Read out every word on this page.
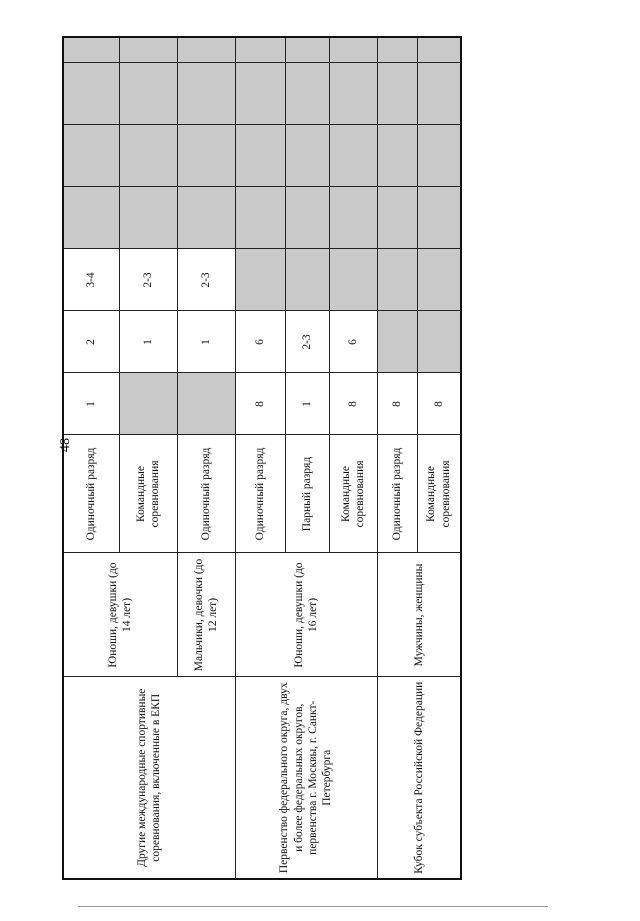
48
Другие международные спортивные соревнования, включенные в ЕКП	Юноши, девушки (до 14 лет)	Одиночный разряд	1	2	3-4				
		Командные соревнования		1	2-3				
	Мальчики, девочки (до 12 лет)	Одиночный разряд		1	2-3				
Первенство федерального округа, двух и более федеральных округов, первенства г. Москвы, г. Санкт-Петербурга	Юноши, девушки (до 16 лет)	Одиночный разряд	8	6					
		Парный разряд	1	2-3					
		Командные соревнования	8	6					
Кубок субъекта Российской Федерации	Мужчины, женщины	Одиночный разряд	8						
		Командные соревнования	8						
